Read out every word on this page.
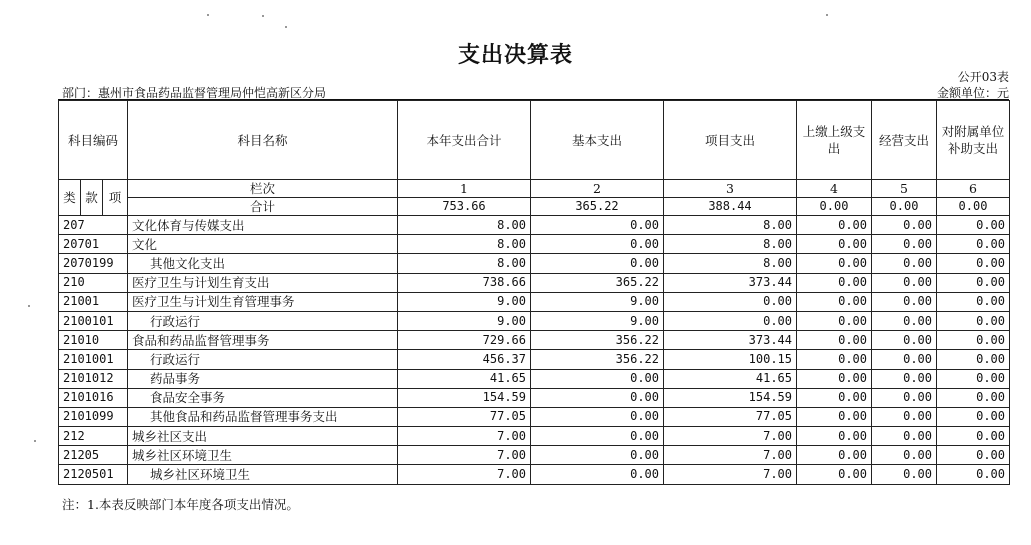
支出决算表
公开03表
部门：惠州市食品药品监督管理局仲恺高新区分局	金额单位：元
科目编码			科目名称	本年支出合计	基本支出	项目支出	上缴上级支出	经营支出	对附属单位补助支出
类	款	项							
			栏次	1	2	3	4	5	6
			合计	753.66	365.22	388.44	0.00	0.00	0.00
207			文化体育与传媒支出	8.00	0.00	8.00	0.00	0.00	0.00
20701			文化	8.00	0.00	8.00	0.00	0.00	0.00
2070199			其他文化支出	8.00	0.00	8.00	0.00	0.00	0.00
210			医疗卫生与计划生育支出	738.66	365.22	373.44	0.00	0.00	0.00
21001			医疗卫生与计划生育管理事务	9.00	9.00	0.00	0.00	0.00	0.00
2100101			行政运行	9.00	9.00	0.00	0.00	0.00	0.00
21010			食品和药品监督管理事务	729.66	356.22	373.44	0.00	0.00	0.00
2101001			行政运行	456.37	356.22	100.15	0.00	0.00	0.00
2101012			药品事务	41.65	0.00	41.65	0.00	0.00	0.00
2101016			食品安全事务	154.59	0.00	154.59	0.00	0.00	0.00
2101099			其他食品和药品监督管理事务支出	77.05	0.00	77.05	0.00	0.00	0.00
212			城乡社区支出	7.00	0.00	7.00	0.00	0.00	0.00
21205			城乡社区环境卫生	7.00	0.00	7.00	0.00	0.00	0.00
2120501			城乡社区环境卫生	7.00	0.00	7.00	0.00	0.00	0.00
注：1.本表反映部门本年度各项支出情况。
